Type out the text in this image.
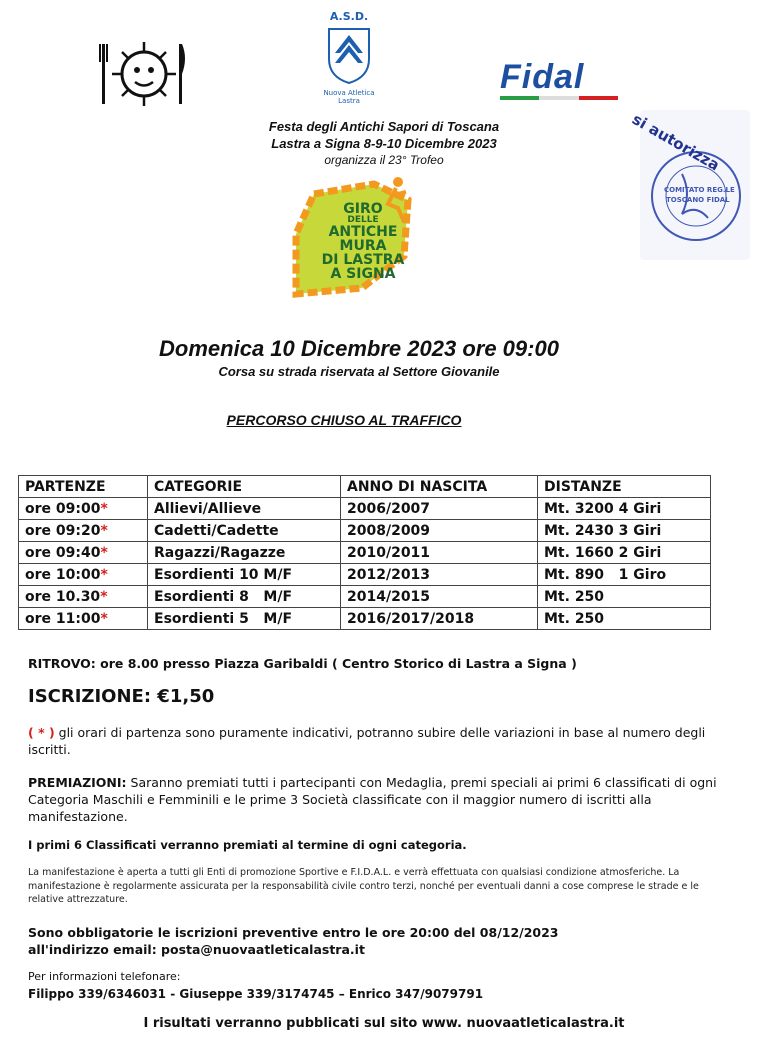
A.S.D.
Nuova Atletica Lastra
Fidal
si autorizza
COMITATO REG.LE
TOSCANO FIDAL
Festa degli Antichi Sapori di Toscana
Lastra a Signa 8-9-10 Dicembre 2023
organizza il 23° Trofeo
GIRO
DELLE
ANTICHE
MURA
DI LASTRA
A SIGNA
Domenica 10 Dicembre 2023 ore 09:00
Corsa su strada riservata al Settore Giovanile
PERCORSO CHIUSO AL TRAFFICO
PARTENZE	CATEGORIE	ANNO DI NASCITA	DISTANZE
ore 09:00*	Allievi/Allieve	2006/2007	Mt. 3200 4 Giri
ore 09:20*	Cadetti/Cadette	2008/2009	Mt. 2430 3 Giri
ore 09:40*	Ragazzi/Ragazze	2010/2011	Mt. 1660 2 Giri
ore 10:00*	Esordienti 10 M/F	2012/2013	Mt. 890   1 Giro
ore 10.30*	Esordienti 8   M/F	2014/2015	Mt. 250
ore 11:00*	Esordienti 5   M/F	2016/2017/2018	Mt. 250
RITROVO: ore 8.00 presso Piazza Garibaldi ( Centro Storico di Lastra a Signa )
ISCRIZIONE: €1,50
( * ) gli orari di partenza sono puramente indicativi, potranno subire delle variazioni in base al numero degli iscritti.
PREMIAZIONI: Saranno premiati tutti i partecipanti con Medaglia, premi speciali ai primi 6 classificati di ogni Categoria Maschili e Femminili e le prime 3 Società classificate con il maggior numero di iscritti alla manifestazione.
I primi 6 Classificati verranno premiati al termine di ogni categoria.
La manifestazione è aperta a tutti gli Enti di promozione Sportive e F.I.D.A.L. e verrà effettuata con qualsiasi condizione atmosferiche. La manifestazione è regolarmente assicurata per la responsabilità civile contro terzi, nonché per eventuali danni a cose comprese le strade e le relative attrezzature.
Sono obbligatorie le iscrizioni preventive entro le ore 20:00 del 08/12/2023
all'indirizzo email: posta@nuovaatleticalastra.it
Per informazioni telefonare:
Filippo 339/6346031 - Giuseppe 339/3174745 – Enrico 347/9079791
I risultati verranno pubblicati sul sito www. nuovaatleticalastra.it
